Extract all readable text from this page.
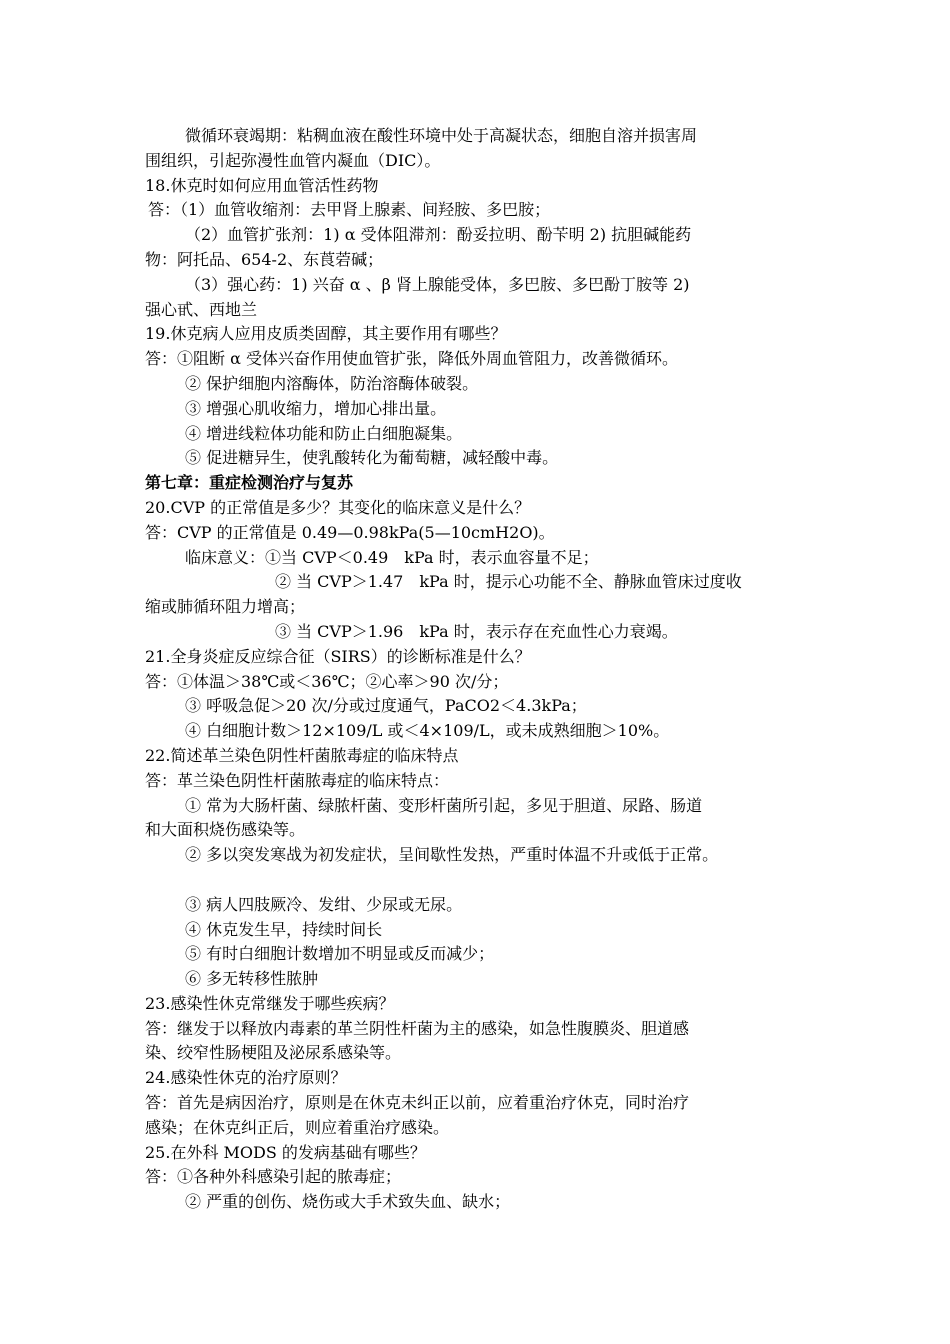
微循环衰竭期：粘稠血液在酸性环境中处于高凝状态，细胞自溶并损害周
围组织，引起弥漫性血管内凝血（DIC）。
18.休克时如何应用血管活性药物
答：（1）血管收缩剂：去甲肾上腺素、间羟胺、多巴胺；
（2）血管扩张剂：1) α 受体阻滞剂：酚妥拉明、酚苄明 2) 抗胆碱能药
物：阿托品、654-2、东莨菪碱；
（3）强心药：1) 兴奋 α 、β 肾上腺能受体，多巴胺、多巴酚丁胺等 2)
强心甙、西地兰
19.休克病人应用皮质类固醇，其主要作用有哪些？
答：①阻断 α 受体兴奋作用使血管扩张，降低外周血管阻力，改善微循环。
② 保护细胞内溶酶体，防治溶酶体破裂。
③ 增强心肌收缩力，增加心排出量。
④ 增进线粒体功能和防止白细胞凝集。
⑤ 促进糖异生，使乳酸转化为葡萄糖，减轻酸中毒。
第七章：重症检测治疗与复苏
20.CVP 的正常值是多少？其变化的临床意义是什么？
答：CVP 的正常值是 0.49—0.98kPa(5—10cmH2O)。
临床意义：①当 CVP＜0.49　kPa 时，表示血容量不足；
② 当 CVP＞1.47　kPa 时，提示心功能不全、静脉血管床过度收
缩或肺循环阻力增高；
③ 当 CVP＞1.96　kPa 时，表示存在充血性心力衰竭。
21.全身炎症反应综合征（SIRS）的诊断标准是什么？
答：①体温＞38℃或＜36℃；②心率＞90 次/分；
③ 呼吸急促＞20 次/分或过度通气，PaCO2＜4.3kPa；
④ 白细胞计数＞12×109/L 或＜4×109/L，或未成熟细胞＞10%。
22.简述革兰染色阴性杆菌脓毒症的临床特点
答：革兰染色阴性杆菌脓毒症的临床特点：
① 常为大肠杆菌、绿脓杆菌、变形杆菌所引起，多见于胆道、尿路、肠道
和大面积烧伤感染等。
② 多以突发寒战为初发症状，呈间歇性发热，严重时体温不升或低于正常。
③ 病人四肢厥冷、发绀、少尿或无尿。
④ 休克发生早，持续时间长
⑤ 有时白细胞计数增加不明显或反而减少；
⑥ 多无转移性脓肿
23.感染性休克常继发于哪些疾病？
答：继发于以释放内毒素的革兰阴性杆菌为主的感染，如急性腹膜炎、胆道感
染、绞窄性肠梗阻及泌尿系感染等。
24.感染性休克的治疗原则？
答：首先是病因治疗，原则是在休克未纠正以前，应着重治疗休克，同时治疗
感染；在休克纠正后，则应着重治疗感染。
25.在外科 MODS 的发病基础有哪些？
答：①各种外科感染引起的脓毒症；
② 严重的创伤、烧伤或大手术致失血、缺水；
